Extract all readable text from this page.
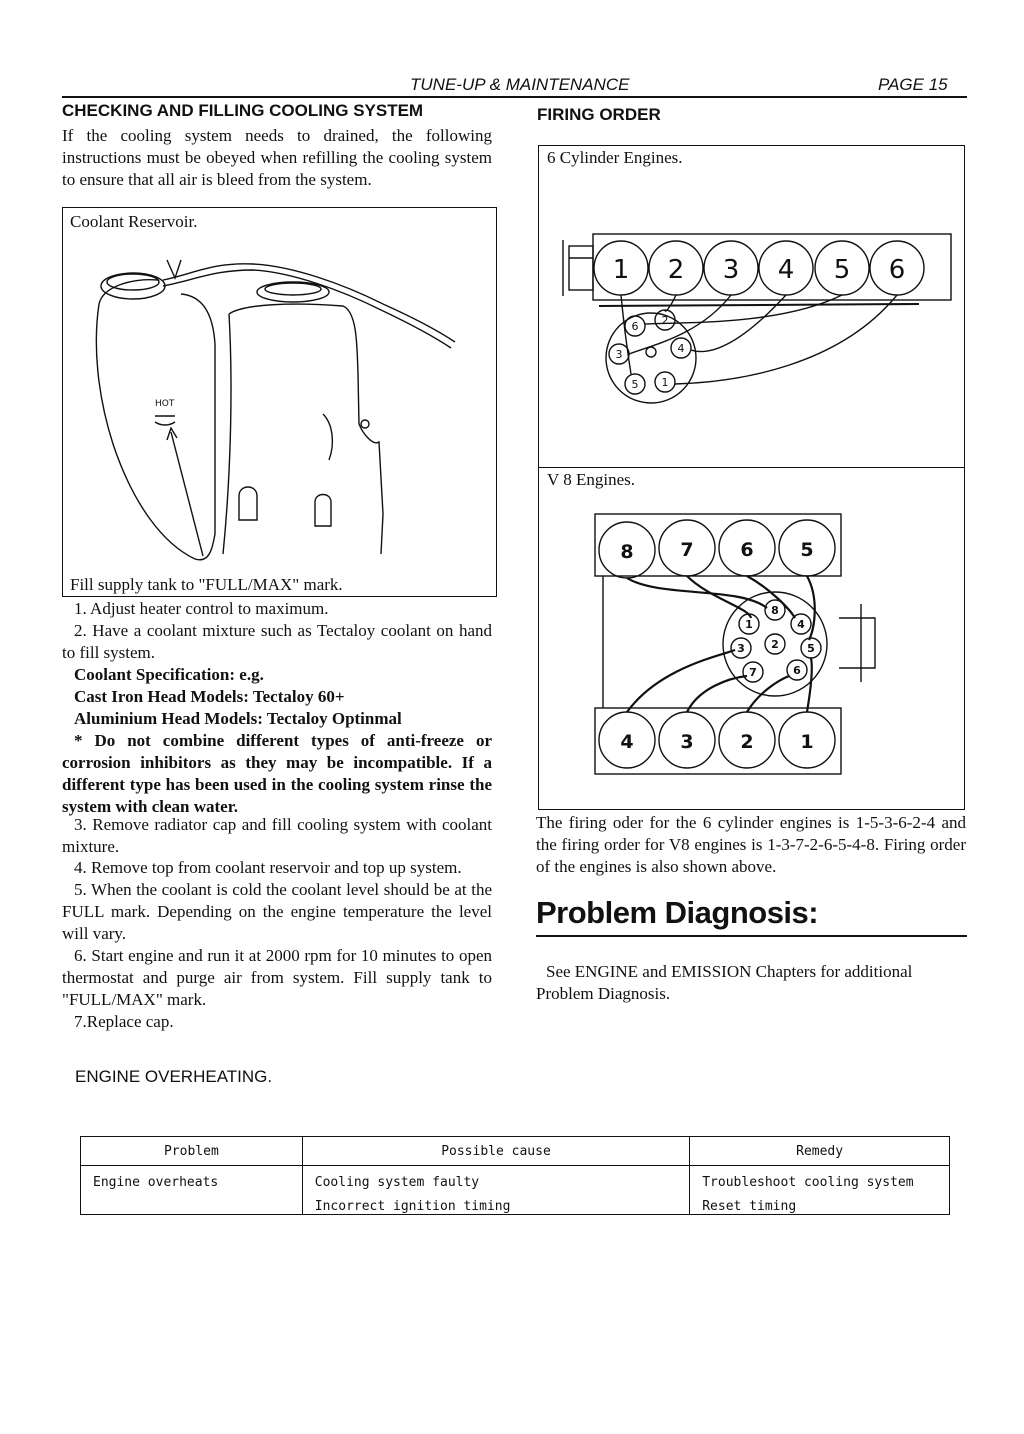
TUNE-UP & MAINTENANCE	PAGE 15
CHECKING AND FILLING COOLING SYSTEM
If the cooling system needs to drained, the following instructions must be obeyed when refilling the cooling system to ensure that all air is bleed from the system.
Coolant Reservoir.
HOT
Fill supply tank to "FULL/MAX" mark.
1. Adjust heater control to maximum.
2. Have a coolant mixture such as Tectaloy coolant on hand to fill system.
Coolant Specification: e.g.
Cast Iron Head Models: Tectaloy 60+
Aluminium Head Models: Tectaloy Optinmal
* Do not combine different types of anti-freeze or corrosion inhibitors as they may be incompatible. If a different type has been used in the cooling system rinse the system with clean water.
3. Remove radiator cap and fill cooling system with coolant mixture.
4. Remove top from coolant reservoir and top up system.
5. When the coolant is cold the coolant level should be at the FULL mark. Depending on the engine temperature the level will vary.
6. Start engine and run it at 2000 rpm for 10 minutes to open thermostat and purge air from system. Fill supply tank to "FULL/MAX" mark.
7.Replace cap.
FIRING ORDER
6 Cylinder Engines.
1 2 3 4 5 6
6 2
3	4
5 1
V 8 Engines.
8 7 6 5
4 3 2 1
8
1	4
3	5
7
2
6
The firing oder for the 6 cylinder engines is 1-5-3-6-2-4 and the firing order for V8 engines is 1-3-7-2-6-5-4-8. Firing order of the engines is also shown above.
Problem Diagnosis:
See ENGINE and EMISSION Chapters for additional Problem Diagnosis.
ENGINE OVERHEATING.
Problem	Possible cause	Remedy
Engine overheats	Cooling system faulty	Troubleshoot cooling system
	Incorrect ignition timing	Reset timing
